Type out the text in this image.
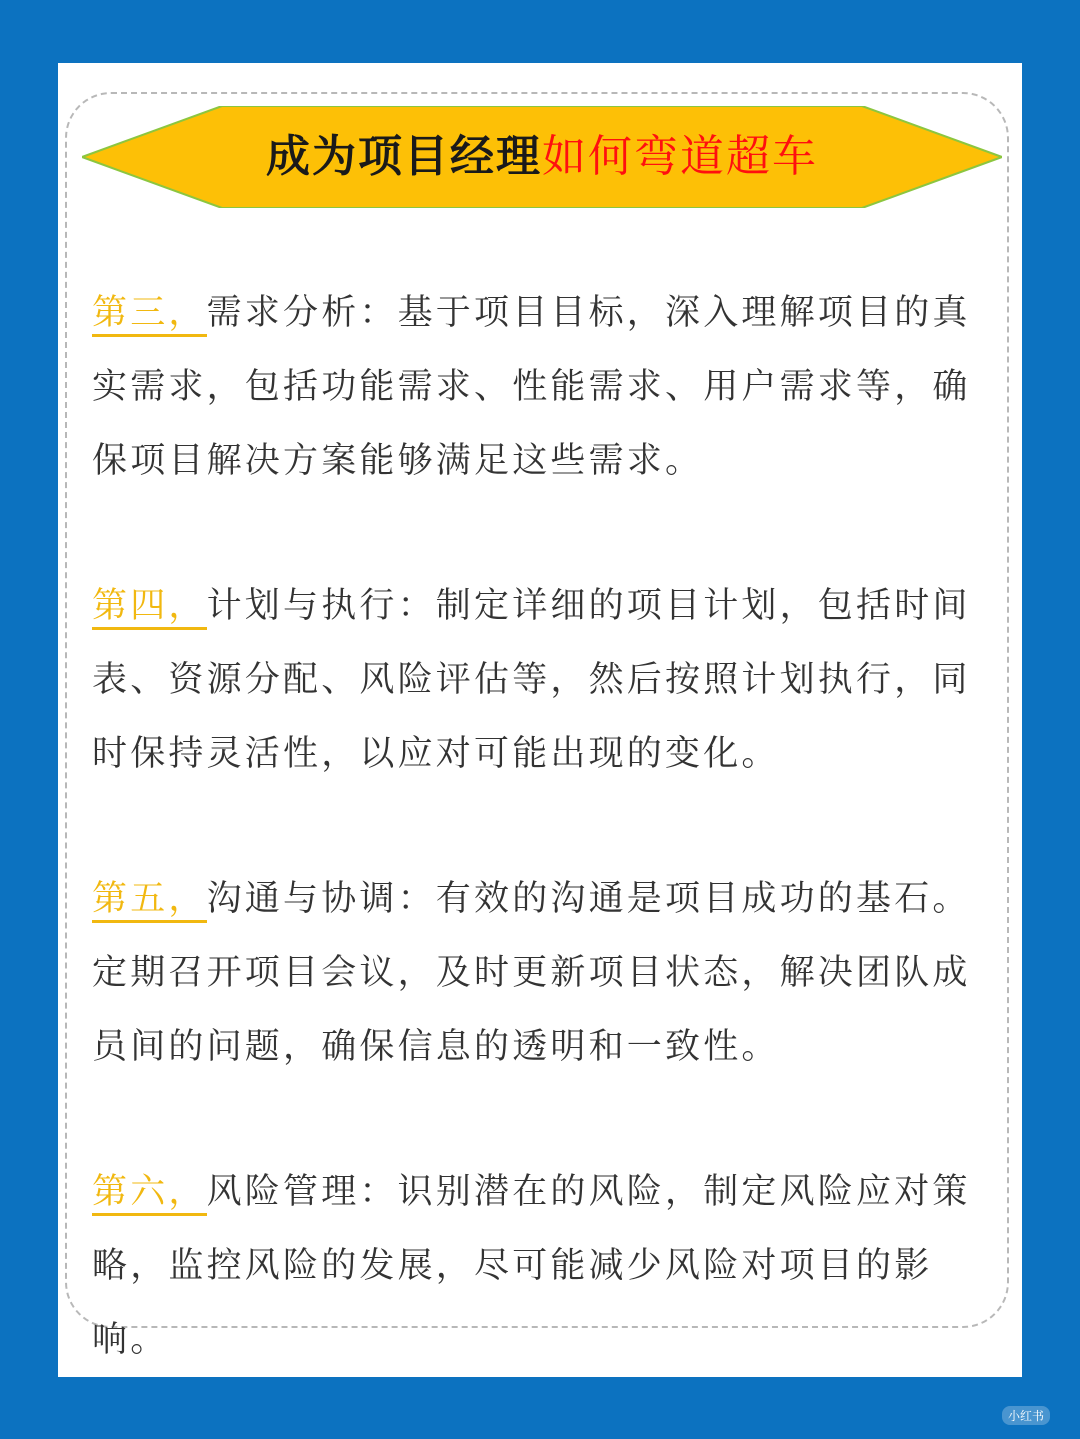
成为项目经理如何弯道超车
第三，需求分析：基于项目目标，深入理解项目的真实需求，包括功能需求、性能需求、用户需求等，确保项目解决方案能够满足这些需求。
第四，计划与执行：制定详细的项目计划，包括时间表、资源分配、风险评估等，然后按照计划执行，同时保持灵活性，以应对可能出现的变化。
第五，沟通与协调：有效的沟通是项目成功的基石。定期召开项目会议，及时更新项目状态，解决团队成员间的问题，确保信息的透明和一致性。
第六，风险管理：识别潜在的风险，制定风险应对策略，监控风险的发展，尽可能减少风险对项目的影响。
小红书
